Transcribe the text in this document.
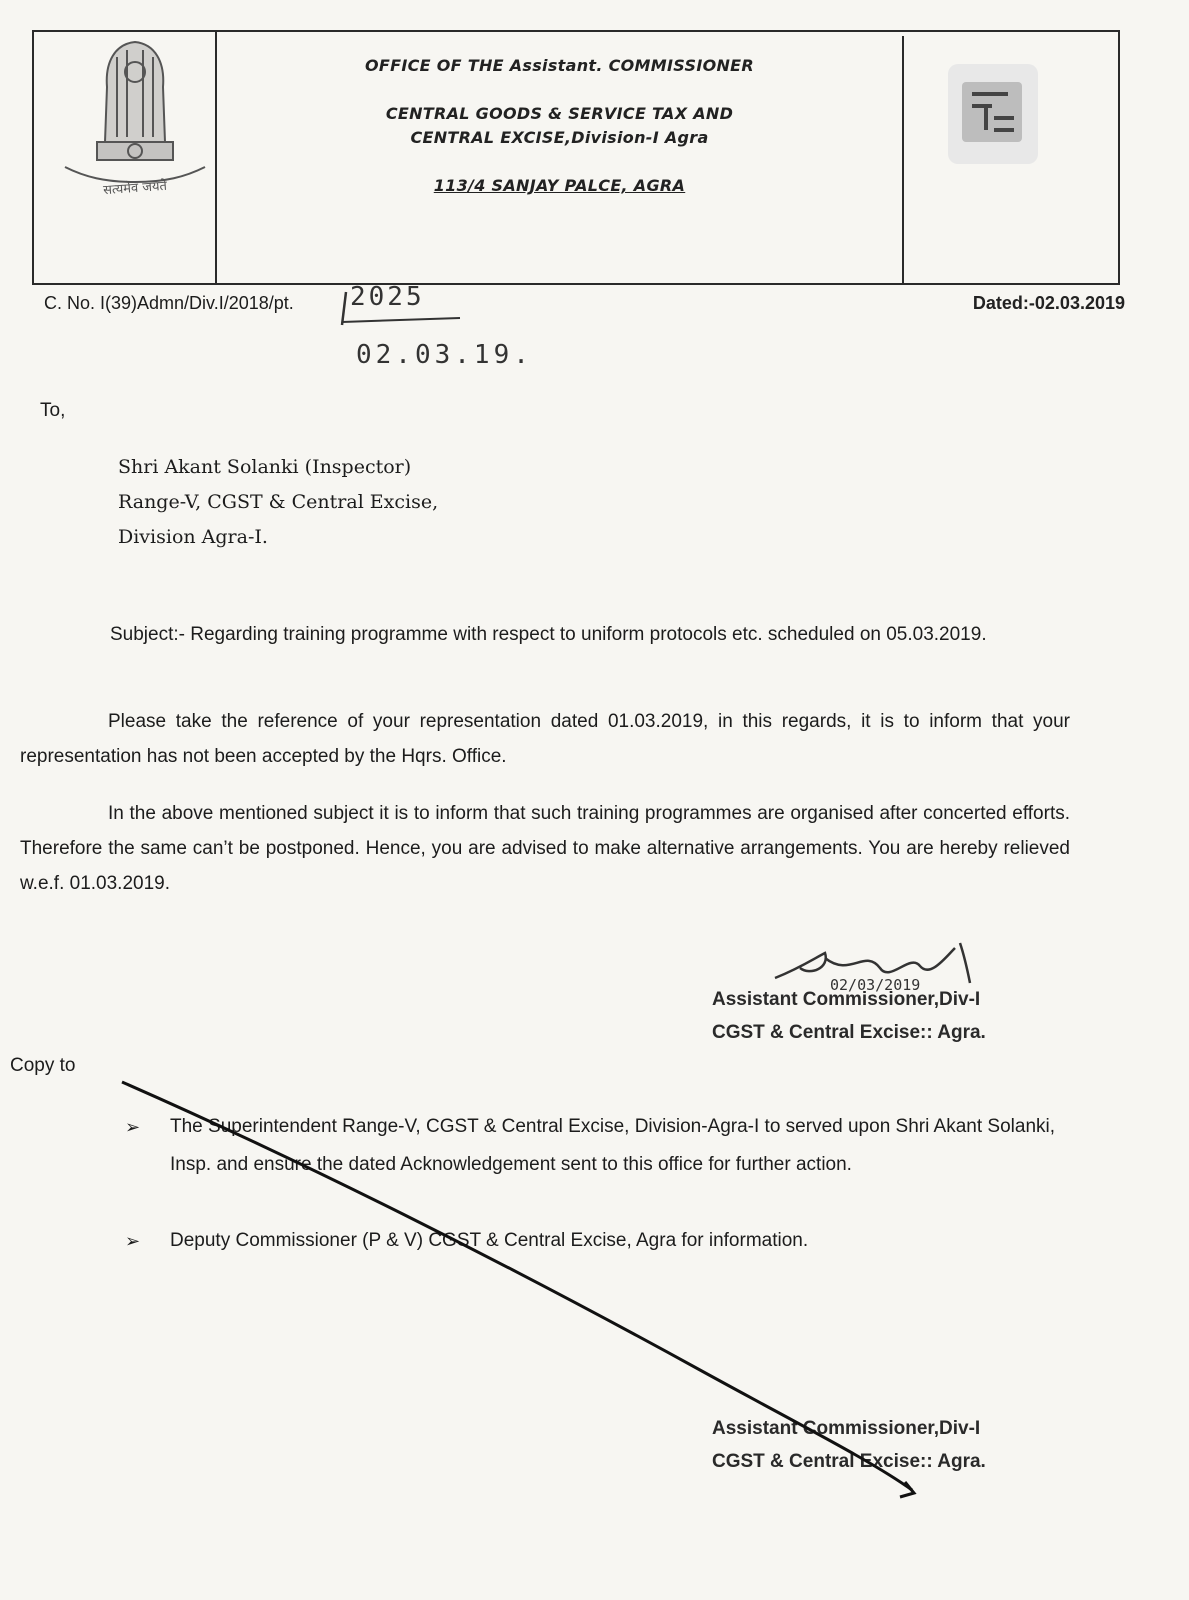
सत्यमेव जयते
OFFICE OF THE Assistant. COMMISSIONER
CENTRAL GOODS & SERVICE TAX AND
CENTRAL EXCISE,Division-I Agra
113/4 SANJAY PALCE, AGRA
C. No. I(39)Admn/Div.I/2018/pt. 2025
02.03.19.
Dated:-02.03.2019
To,
Shri Akant Solanki (Inspector)
Range-V, CGST & Central Excise,
Division Agra-I.
Subject:- Regarding training programme with respect to uniform protocols etc. scheduled on 05.03.2019.
Please take the reference of your representation dated 01.03.2019, in this regards, it is to inform that your representation has not been accepted by the Hqrs. Office.
In the above mentioned subject it is to inform that such training programmes are organised after concerted efforts. Therefore the same can’t be postponed. Hence, you are advised to make alternative arrangements. You are hereby relieved w.e.f. 01.03.2019.
02/03/2019
Assistant Commissioner,Div-I
CGST & Central Excise:: Agra.
Copy to
➢ The Superintendent Range-V, CGST & Central Excise, Division-Agra-I to served upon Shri Akant Solanki, Insp. and ensure the dated Acknowledgement sent to this office for further action.
➢ Deputy Commissioner (P & V) CGST & Central Excise, Agra for information.
Assistant Commissioner,Div-I
CGST & Central Excise:: Agra.
